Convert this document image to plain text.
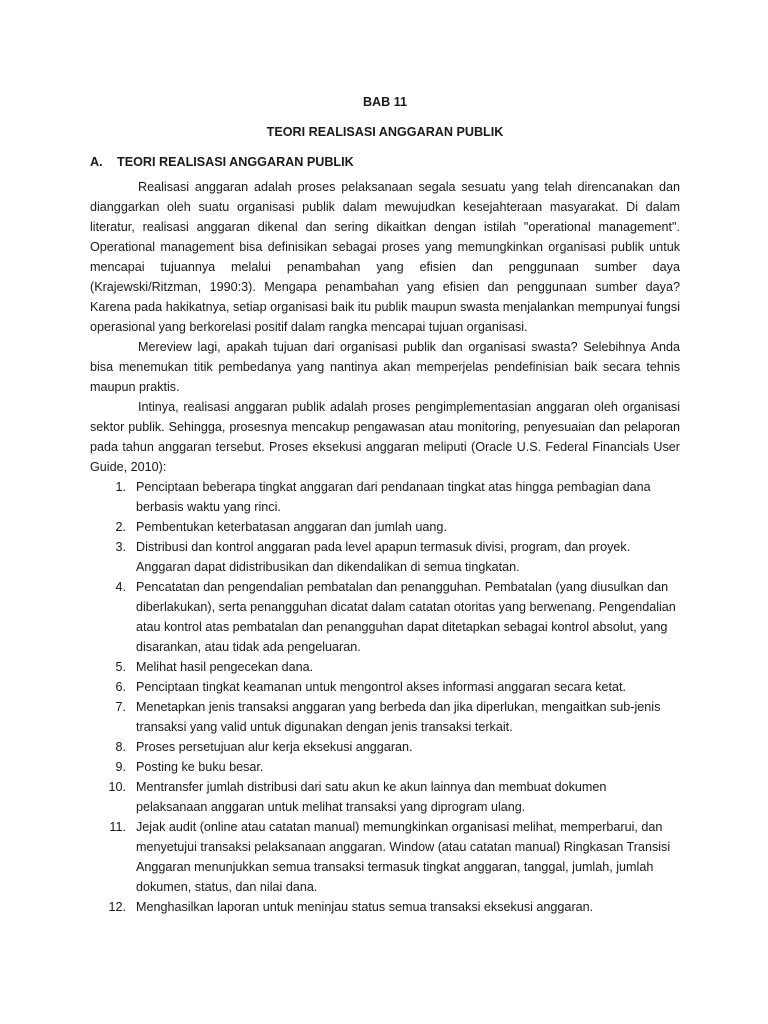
BAB 11
TEORI REALISASI ANGGARAN PUBLIK
A.	TEORI REALISASI ANGGARAN PUBLIK

Realisasi anggaran adalah proses pelaksanaan segala sesuatu yang telah direncanakan dan dianggarkan oleh suatu organisasi publik dalam mewujudkan kesejahteraan masyarakat. Di dalam literatur, realisasi anggaran dikenal dan sering dikaitkan dengan istilah "operational management". Operational management bisa definisikan sebagai proses yang memungkinkan organisasi publik untuk mencapai tujuannya melalui penambahan yang efisien dan penggunaan sumber daya (Krajewski/Ritzman, 1990:3). Mengapa penambahan yang efisien dan penggunaan sumber daya? Karena pada hakikatnya, setiap organisasi baik itu publik maupun swasta menjalankan mempunyai fungsi operasional yang berkorelasi positif dalam rangka mencapai tujuan organisasi.

Mereview lagi, apakah tujuan dari organisasi publik dan organisasi swasta? Selebihnya Anda bisa menemukan titik pembedanya yang nantinya akan memperjelas pendefinisian baik secara tehnis maupun praktis.

Intinya, realisasi anggaran publik adalah proses pengimplementasian anggaran oleh organisasi sektor publik. Sehingga, prosesnya mencakup pengawasan atau monitoring, penyesuaian dan pelaporan pada tahun anggaran tersebut. Proses eksekusi anggaran meliputi (Oracle U.S. Federal Financials User Guide, 2010):

1. Penciptaan beberapa tingkat anggaran dari pendanaan tingkat atas hingga pembagian dana berbasis waktu yang rinci.
2. Pembentukan keterbatasan anggaran dan jumlah uang.
3. Distribusi dan kontrol anggaran pada level apapun termasuk divisi, program, dan proyek. Anggaran dapat didistribusikan dan dikendalikan di semua tingkatan.
4. Pencatatan dan pengendalian pembatalan dan penangguhan. Pembatalan (yang diusulkan dan diberlakukan), serta penangguhan dicatat dalam catatan otoritas yang berwenang. Pengendalian atau kontrol atas pembatalan dan penangguhan dapat ditetapkan sebagai kontrol absolut, yang disarankan, atau tidak ada pengeluaran.
5. Melihat hasil pengecekan dana.
6. Penciptaan tingkat keamanan untuk mengontrol akses informasi anggaran secara ketat.
7. Menetapkan jenis transaksi anggaran yang berbeda dan jika diperlukan, mengaitkan sub-jenis transaksi yang valid untuk digunakan dengan jenis transaksi terkait.
8. Proses persetujuan alur kerja eksekusi anggaran.
9. Posting ke buku besar.
10. Mentransfer jumlah distribusi dari satu akun ke akun lainnya dan membuat dokumen pelaksanaan anggaran untuk melihat transaksi yang diprogram ulang.
11. Jejak audit (online atau catatan manual) memungkinkan organisasi melihat, memperbarui, dan menyetujui transaksi pelaksanaan anggaran. Window (atau catatan manual) Ringkasan Transisi Anggaran menunjukkan semua transaksi termasuk tingkat anggaran, tanggal, jumlah, jumlah dokumen, status, dan nilai dana.
12. Menghasilkan laporan untuk meninjau status semua transaksi eksekusi anggaran.
